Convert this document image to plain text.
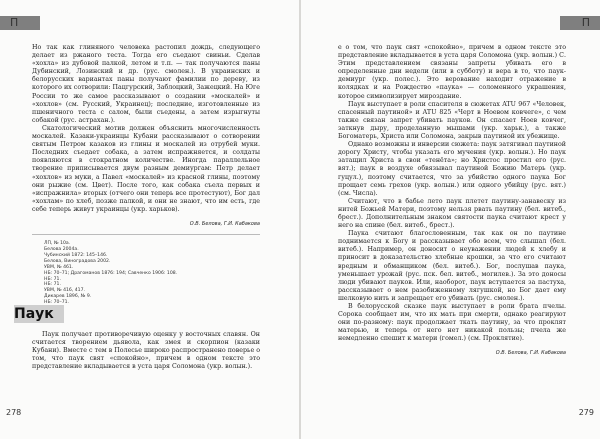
П

Но так как глиняного человека растопил дождь, следующего делает из ржаного теста. Тогда его съедают свиньи. Сделав «хохла» из дубовой палкой, летом и т.п. — так получаются паны Дубинский, Лозинский и др. (рус. смолен.). В украинских и белорусских вариантах паны получают фамилии по дереву, из которого их сотворили: Пацгурский, Заблоцкий, Зажецкий. На Юге России то же самое рассказывают о создании «москалей» и «хохлов» (см. Русский, Украинец); последние, изготовленные из пшеничного теста с салом, были съедены, а затем изрыгнуты собакой (рус. астрахан.).

Скатологический мотив должен объяснить многочисленность москалей. Казаки-украинцы Кубани рассказывают о сотворении святым Петром казаков из глины и москалей из отрубей муки. Последних съедает собака, а затем испражняется, и солдаты появляются в стократном количестве. Иногда параллельное творение приписывается двум разным демиургам: Петр делает «хохлов» из муки, а Павел «москалей» из красной глины, поэтому они рыжие (см. Цвет). После того, как собака съела первых и «испражнила» вторых (отчего они теперь все протестуют), Бог дал «хохлам» по хлеб, позже палкой, и они не знают, что им есть, где себе теперь живут украинцы (укр. харьков).

О.В. Белова, Г.И. Кабакова
ЛП, № 10а.
Белова 2004а.
Чубинский 1872: 145–146.
Белова, Виноградова 2002.
УВМ, № 461.
НБ: 70–71; Драгоманов 1876: 194; Савченко 1906: 108.
НБ: 71.
НБ: 71.
УВМ, № 416, 417.
Дикарев 1896, № 9.
НБ: 70–71.
Паук

Паук получает противоречивую оценку у восточных славян. Он считается творением дьявола, как змея и скорпион (казаки Кубани). Вместе с тем в Полесье широко распространено поверье о том, что паук свят «спокойно», причем в одном тексте это представление вкладывается в уста царя Соломона (укр. волын.).

278
П

е о том, что паук свят «спокойно», причем в одном тексте это представление вкладывается в уста царя Соломона (укр. волын.) С. Этим представлением связаны запреты убивать его в определенные дни недели (или в субботу) и вера в то, что паук-демиург (укр. полес.). Это верование находит отражение в колядках и на Рождество «паука» — соломенного украшения, которое символизирует мироздание.

Паук выступает в роли спасителя в сюжетах ATU 967 «Человек, спасенный паутиной» и ATU 825 «Черт в Ноевом ковчеге», с чем также связан запрет убивать пауков. Он спасает Ноев ковчег, заткнув дыру, проделанную мышами (укр. харьк.), а также Богоматерь, Христа или Соломона, закрыв паутиной их убежище.

Однако возможны и инверсии сюжета: паук затягивал паутиной дорогу Христу, чтобы указать его мучения (укр. волын.). Но паук затащил Христа в свои «тенёта»; но Христос простил его (рус. вят.); паук в воздухе обвязывал паутиной Божию Матерь (укр. гуцул.), поэтому считается, что за убийство одного паука Бог прощает семь грехов (укр. волын.) или одного убийцу (рус. вят.) (см. Числа).

Считают, что в бабье лето паук плетет паутину-занавеску из нитей Божьей Матери, поэтому нельзя рвать паутину (бел. витеб., брест.). Дополнительным знаком святости паука считают крест у него на спине (бел. витеб., брест.).

Паука считают благословенным, так как он по паутине поднимается к Богу и рассказывает обо всем, что слышал (бел. витеб.). Например, он доносит о неуважении людей к хлебу и приносит в доказательство хлебные крошки, за что его считают вредным и обманщиком (бел. витеб.). Бог, послушав паука, уменьшает урожай (рус. пск. бел. витеб., могилев.). За это доносы люди убивают пауков. Или, наоборот, паук вступается за пастуха, рассказывает о нем разобиженному лягушкой, но Бог дает ему шелковую нить и запрещает его убивать (рус. смолен.).

В белорусской сказке паук выступает в роли брата пчелы. Сорока сообщает им, что их мать при смерти, однако реагируют они по-разному: паук продолжает ткать паутину, за что проклят матерью, и теперь от него нет никакой пользы; пчела же немедленно спешит к матери (гомел.) (см. Проклятие).

О.В. Белова, Г.И. Кабакова
279
